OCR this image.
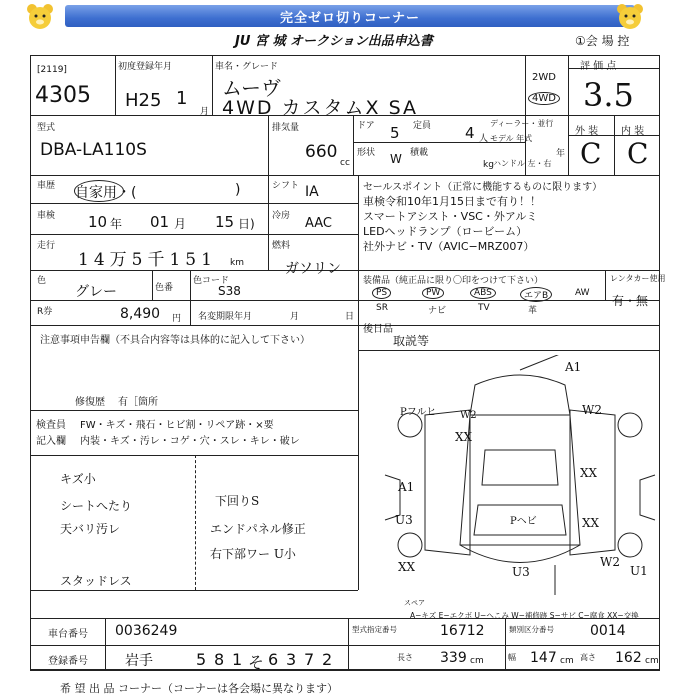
完全ゼロ切りコーナー
JU 宮 城 オークション出品申込書	①会 場 控
[2119]
4305
初度登録年月
H25 1
月
車名・グレード
ムーヴ
4WD カスタムX SA
2WD
4WD
評 価 点
3.5
型式
DBA-LA110S
排気量
660
cc
ドア 5 定員 4 人
ディーラー・並行
モデル 年式
年
形状 W 積載
kg ハンドル 左・右
外 装 内 装
C C
車歴 自家用・(	)	シフト IA
車検 10 年 01 月 15 日)
冷房 AAC
走行
14万5千151 km
燃料
ガソリン
色
グレー	色番
色コード
S38
R券	8,490 円 名変期限年月	月	日
セールスポイント（正常に機能するものに限ります）
車検令和10年1月15日まで有り！！
スマートアシスト・VSC・外アルミ
LEDヘッドランプ（ロービーム）
社外ナビ・TV（AVIC−MRZ007）
装備品（純正品に限り〇印をつけて下さい）
PS	PW	ABS	エアB	AW
SR	ナビ	TV	革
レンタカー使用
有・無
後日品
取説等
注意事項申告欄（不具合内容等は具体的に記入して下さい）
修復歴 有［箇所
検査員
記入欄
FW・キズ・飛石・ヒビ割・リペア跡・×要
内装・キズ・汚レ・コゲ・穴・スレ・キレ・破レ
キズ小
シートへたり
天バリ汚レ
スタッドレス
下回りS
エンドパネル修正
右下部ワー U小
A1
Pフルヒ W2
XX
W2
A1
XX
U3	Pヘビ
XX	U3
XX
W2
U1
スペア
A−キズ E−エクボ U−へこみ W−補修跡 S−サビ C−腐食 XX−交換
車台番号 0036249
登録番号	岩手	5 8 1 そ 6 3 7 2
型式指定番号	16712	類別区分番号	0014
長さ 339 cm	幅 147 cm 高さ 162 cm
希 望 出 品 コーナー（コーナーは各会場に異なります）
